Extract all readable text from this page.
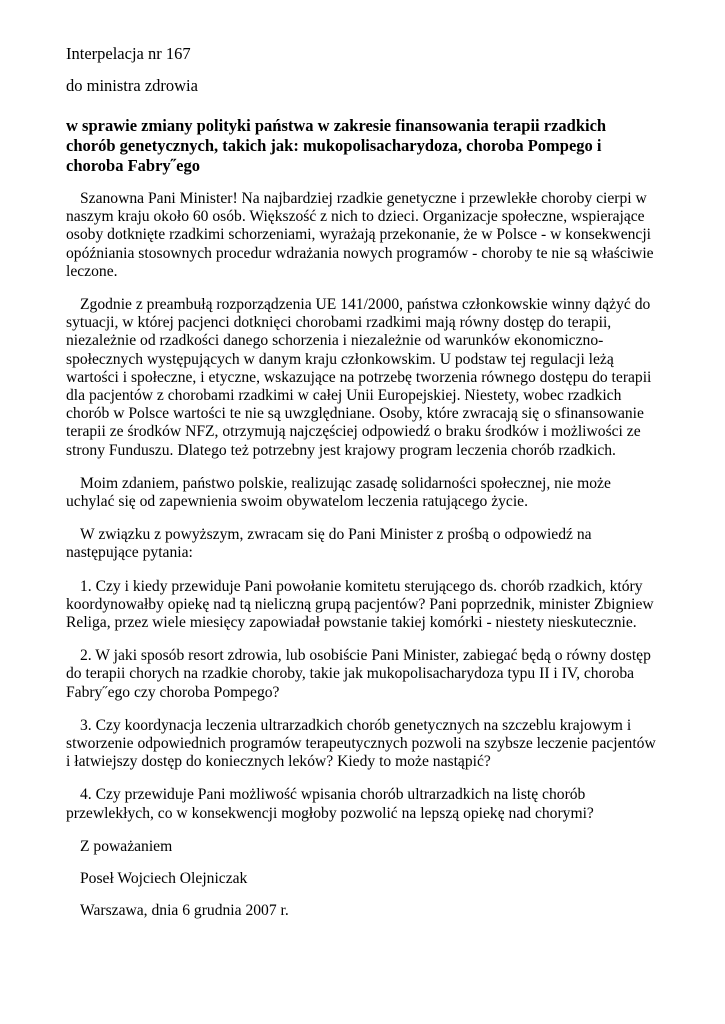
Interpelacja nr 167
do ministra zdrowia
w sprawie zmiany polityki państwa w zakresie finansowania terapii rzadkich chorób genetycznych, takich jak: mukopolisacharydoza, choroba Pompego i choroba Fabry˝ego

Szanowna Pani Minister! Na najbardziej rzadkie genetyczne i przewlekłe choroby cierpi w naszym kraju około 60 osób. Większość z nich to dzieci. Organizacje społeczne, wspierające osoby dotknięte rzadkimi schorzeniami, wyrażają przekonanie, że w Polsce - w konsekwencji opóźniania stosownych procedur wdrażania nowych programów - choroby te nie są właściwie leczone.

Zgodnie z preambułą rozporządzenia UE 141/2000, państwa członkowskie winny dążyć do sytuacji, w której pacjenci dotknięci chorobami rzadkimi mają równy dostęp do terapii, niezależnie od rzadkości danego schorzenia i niezależnie od warunków ekonomiczno-społecznych występujących w danym kraju członkowskim. U podstaw tej regulacji leżą wartości i społeczne, i etyczne, wskazujące na potrzebę tworzenia równego dostępu do terapii dla pacjentów z chorobami rzadkimi w całej Unii Europejskiej. Niestety, wobec rzadkich chorób w Polsce wartości te nie są uwzględniane. Osoby, które zwracają się o sfinansowanie terapii ze środków NFZ, otrzymują najczęściej odpowiedź o braku środków i możliwości ze strony Funduszu. Dlatego też potrzebny jest krajowy program leczenia chorób rzadkich.

Moim zdaniem, państwo polskie, realizując zasadę solidarności społecznej, nie może uchylać się od zapewnienia swoim obywatelom leczenia ratującego życie.

W związku z powyższym, zwracam się do Pani Minister z prośbą o odpowiedź na następujące pytania:

1. Czy i kiedy przewiduje Pani powołanie komitetu sterującego ds. chorób rzadkich, który koordynowałby opiekę nad tą nieliczną grupą pacjentów? Pani poprzednik, minister Zbigniew Religa, przez wiele miesięcy zapowiadał powstanie takiej komórki - niestety nieskutecznie.

2. W jaki sposób resort zdrowia, lub osobiście Pani Minister, zabiegać będą o równy dostęp do terapii chorych na rzadkie choroby, takie jak mukopolisacharydoza typu II i IV, choroba Fabry˝ego czy choroba Pompego?

3. Czy koordynacja leczenia ultrarzadkich chorób genetycznych na szczeblu krajowym i stworzenie odpowiednich programów terapeutycznych pozwoli na szybsze leczenie pacjentów i łatwiejszy dostęp do koniecznych leków? Kiedy to może nastąpić?

4. Czy przewiduje Pani możliwość wpisania chorób ultrarzadkich na listę chorób przewlekłych, co w konsekwencji mogłoby pozwolić na lepszą opiekę nad chorymi?

Z poważaniem
Poseł Wojciech Olejniczak
Warszawa, dnia 6 grudnia 2007 r.
